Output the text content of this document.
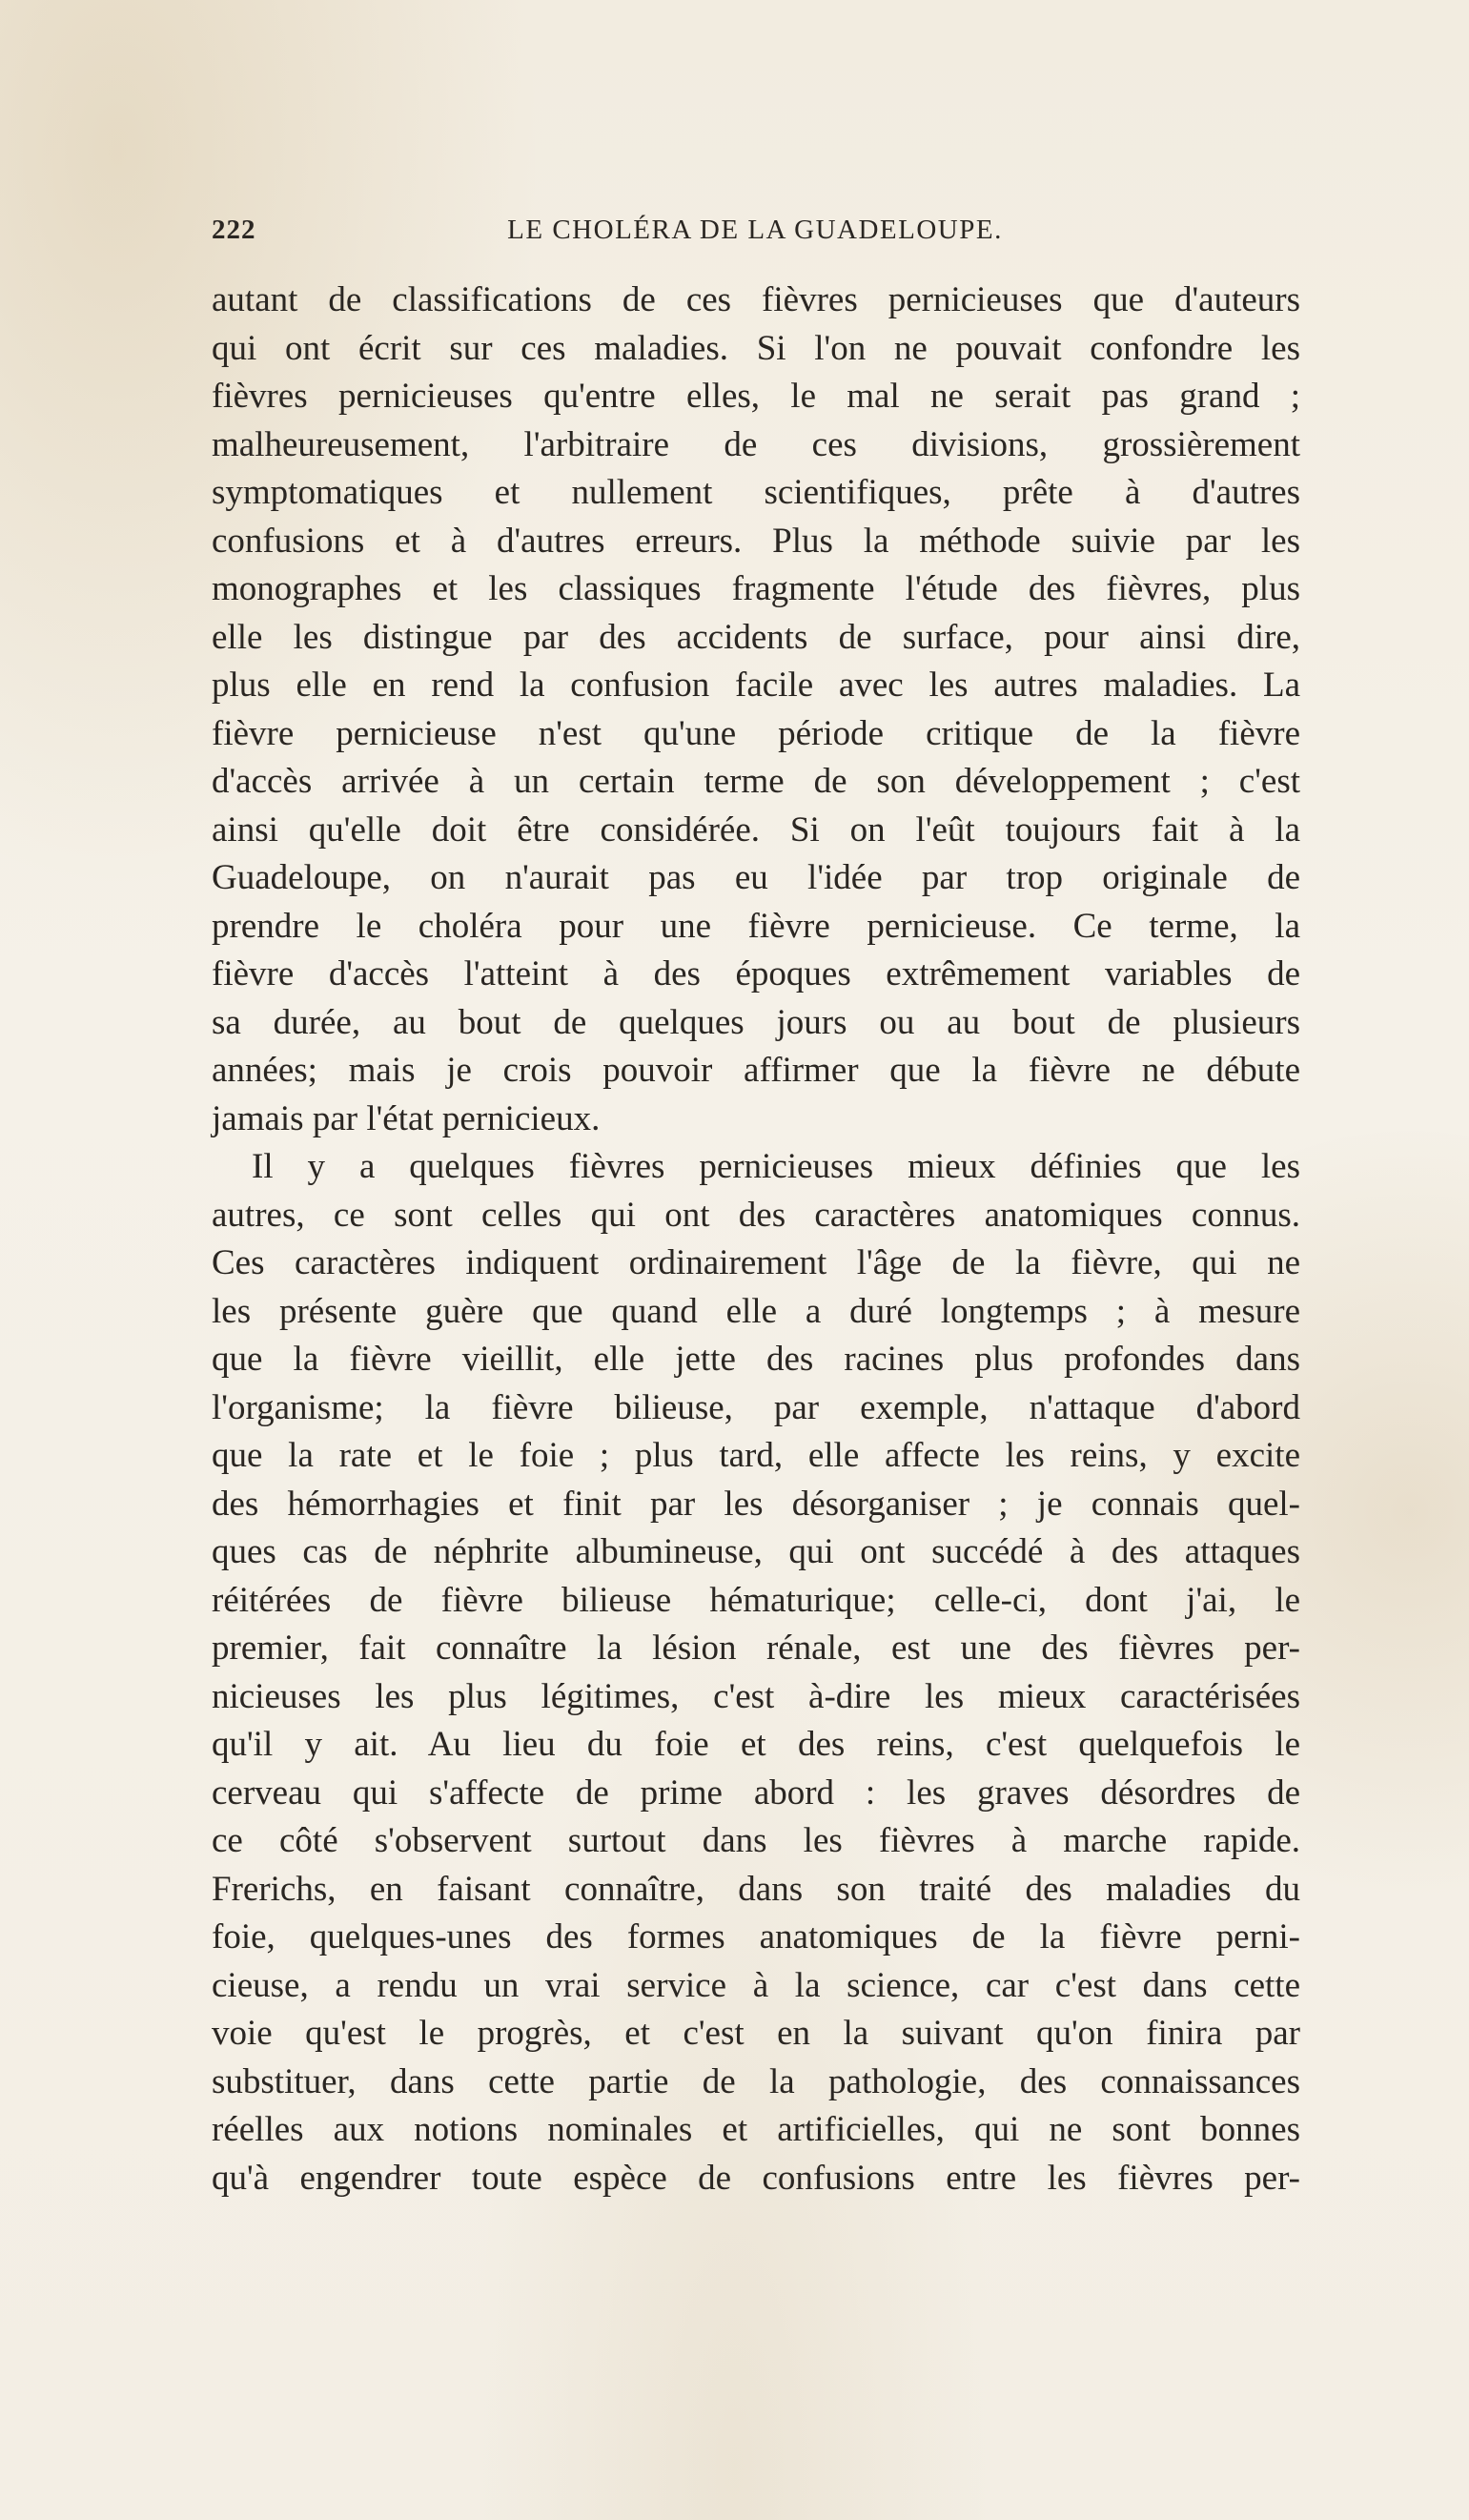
222	LE CHOLÉRA DE LA GUADELOUPE.
autant de classifications de ces fièvres pernicieuses que d'auteurs
qui ont écrit sur ces maladies. Si l'on ne pouvait confondre les
fièvres pernicieuses qu'entre elles, le mal ne serait pas grand ;
malheureusement, l'arbitraire de ces divisions, grossièrement
symptomatiques et nullement scientifiques, prête à d'autres
confusions et à d'autres erreurs. Plus la méthode suivie par les
monographes et les classiques fragmente l'étude des fièvres, plus
elle les distingue par des accidents de surface, pour ainsi dire,
plus elle en rend la confusion facile avec les autres maladies. La
fièvre pernicieuse n'est qu'une période critique de la fièvre
d'accès arrivée à un certain terme de son développement ; c'est
ainsi qu'elle doit être considérée. Si on l'eût toujours fait à la
Guadeloupe, on n'aurait pas eu l'idée par trop originale de
prendre le choléra pour une fièvre pernicieuse. Ce terme, la
fièvre d'accès l'atteint à des époques extrêmement variables de
sa durée, au bout de quelques jours ou au bout de plusieurs
années; mais je crois pouvoir affirmer que la fièvre ne débute
jamais par l'état pernicieux.
Il y a quelques fièvres pernicieuses mieux définies que les
autres, ce sont celles qui ont des caractères anatomiques connus.
Ces caractères indiquent ordinairement l'âge de la fièvre, qui ne
les présente guère que quand elle a duré longtemps ; à mesure
que la fièvre vieillit, elle jette des racines plus profondes dans
l'organisme; la fièvre bilieuse, par exemple, n'attaque d'abord
que la rate et le foie ; plus tard, elle affecte les reins, y excite
des hémorrhagies et finit par les désorganiser ; je connais quel-
ques cas de néphrite albumineuse, qui ont succédé à des attaques
réitérées de fièvre bilieuse hématurique; celle-ci, dont j'ai, le
premier, fait connaître la lésion rénale, est une des fièvres per-
nicieuses les plus légitimes, c'est à-dire les mieux caractérisées
qu'il y ait. Au lieu du foie et des reins, c'est quelquefois le
cerveau qui s'affecte de prime abord : les graves désordres de
ce côté s'observent surtout dans les fièvres à marche rapide.
Frerichs, en faisant connaître, dans son traité des maladies du
foie, quelques-unes des formes anatomiques de la fièvre perni-
cieuse, a rendu un vrai service à la science, car c'est dans cette
voie qu'est le progrès, et c'est en la suivant qu'on finira par
substituer, dans cette partie de la pathologie, des connaissances
réelles aux notions nominales et artificielles, qui ne sont bonnes
qu'à engendrer toute espèce de confusions entre les fièvres per-
